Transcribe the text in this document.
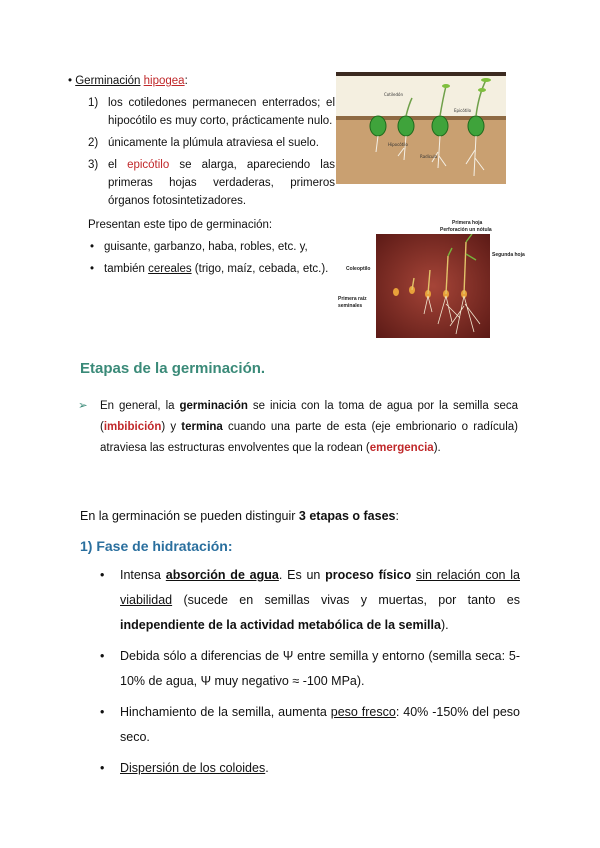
• Germinación hipogea:
1) los cotiledones permanecen enterrados; el hipocótilo es muy corto, prácticamente nulo.
2) únicamente la plúmula atraviesa el suelo.
3) el epicótilo se alarga, apareciendo las primeras hojas verdaderas, primeros órganos fotosintetizadores.
Presentan este tipo de germinación:
• guisante, garbanzo, haba, robles, etc. y,
• también cereales (trigo, maíz, cebada, etc.).
Cotiledón
Hipocótilo
Radícula
Epicótilo
Primera hoja
Perforación un nótula
Segunda hoja
Coleoptilo
Primera raíz
seminales
Etapas de la germinación.
➢ En general, la germinación se inicia con la toma de agua por la semilla seca (imbibición) y termina cuando una parte de esta (eje embrionario o radícula) atraviesa las estructuras envolventes que la rodean (emergencia).
En la germinación se pueden distinguir 3 etapas o fases:
1) Fase de hidratación:
•	Intensa absorción de agua. Es un proceso físico sin relación con la viabilidad (sucede en semillas vivas y muertas, por tanto es independiente de la actividad metabólica de la semilla).
•	Debida sólo a diferencias de Ψ entre semilla y entorno (semilla seca: 5-10% de agua, Ψ muy negativo ≈ -100 MPa).
•	Hinchamiento de la semilla, aumenta peso fresco: 40% -150% del peso seco.
•	Dispersión de los coloides.
